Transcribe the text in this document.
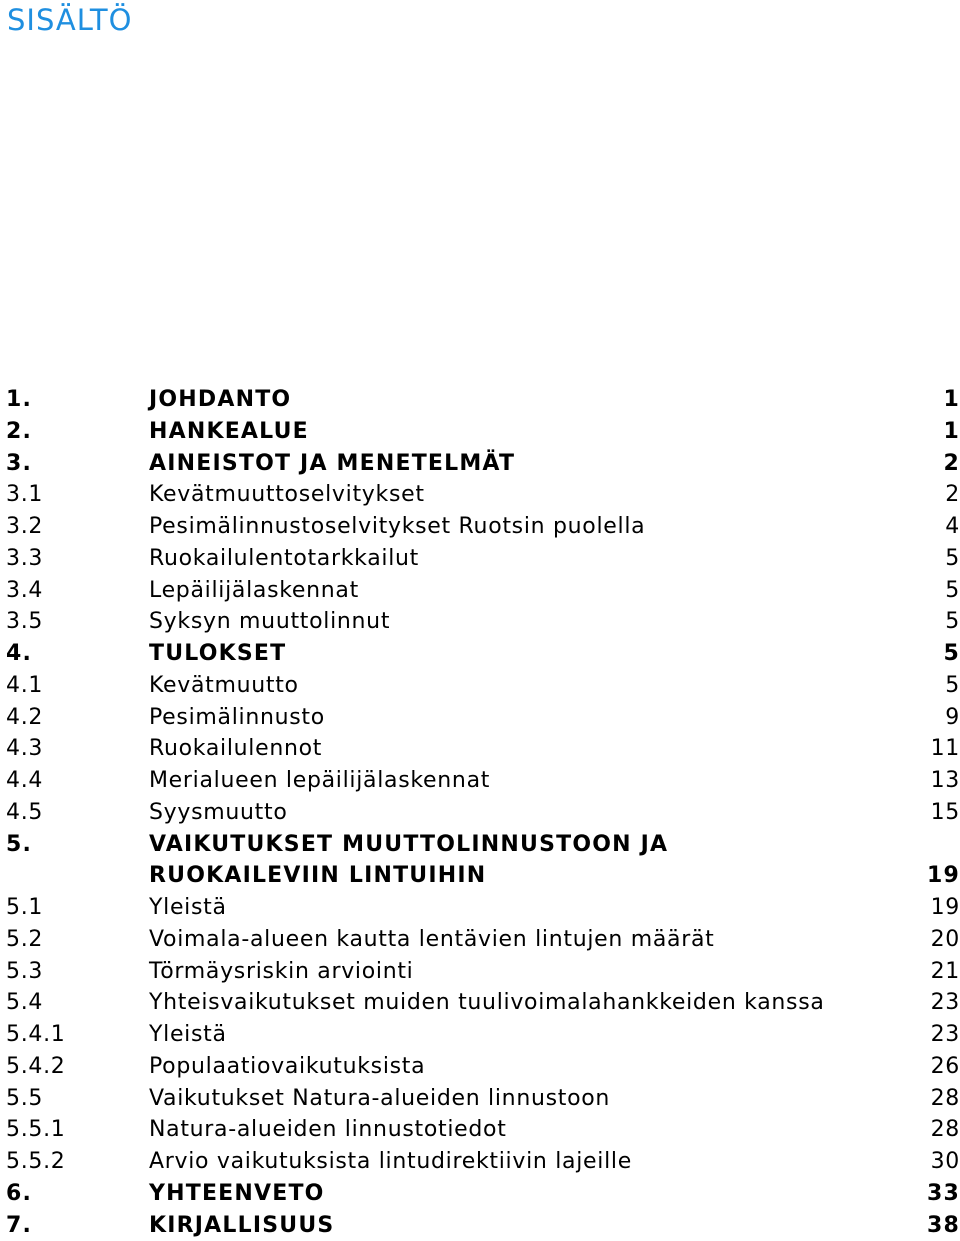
SISÄLTÖ
1.	JOHDANTO	1
2.	HANKEALUE	1
3.	AINEISTOT JA MENETELMÄT	2
3.1	Kevätmuuttoselvitykset	2
3.2	Pesimälinnustoselvitykset Ruotsin puolella	4
3.3	Ruokailulentotarkkailut	5
3.4	Lepäilijälaskennat	5
3.5	Syksyn muuttolinnut	5
4.	TULOKSET	5
4.1	Kevätmuutto	5
4.2	Pesimälinnusto	9
4.3	Ruokailulennot	11
4.4	Merialueen lepäilijälaskennat	13
4.5	Syysmuutto	15
5.	VAIKUTUKSET MUUTTOLINNUSTOON JA
RUOKAILEVIIN LINTUIHIN	19
5.1	Yleistä	19
5.2	Voimala-alueen kautta lentävien lintujen määrät	20
5.3	Törmäysriskin arviointi	21
5.4	Yhteisvaikutukset muiden tuulivoimalahankkeiden kanssa	23
5.4.1	Yleistä	23
5.4.2	Populaatiovaikutuksista	26
5.5	Vaikutukset Natura-alueiden linnustoon	28
5.5.1	Natura-alueiden linnustotiedot	28
5.5.2	Arvio vaikutuksista lintudirektiivin lajeille	30
6.	YHTEENVETO	33
7.	KIRJALLISUUS	38
